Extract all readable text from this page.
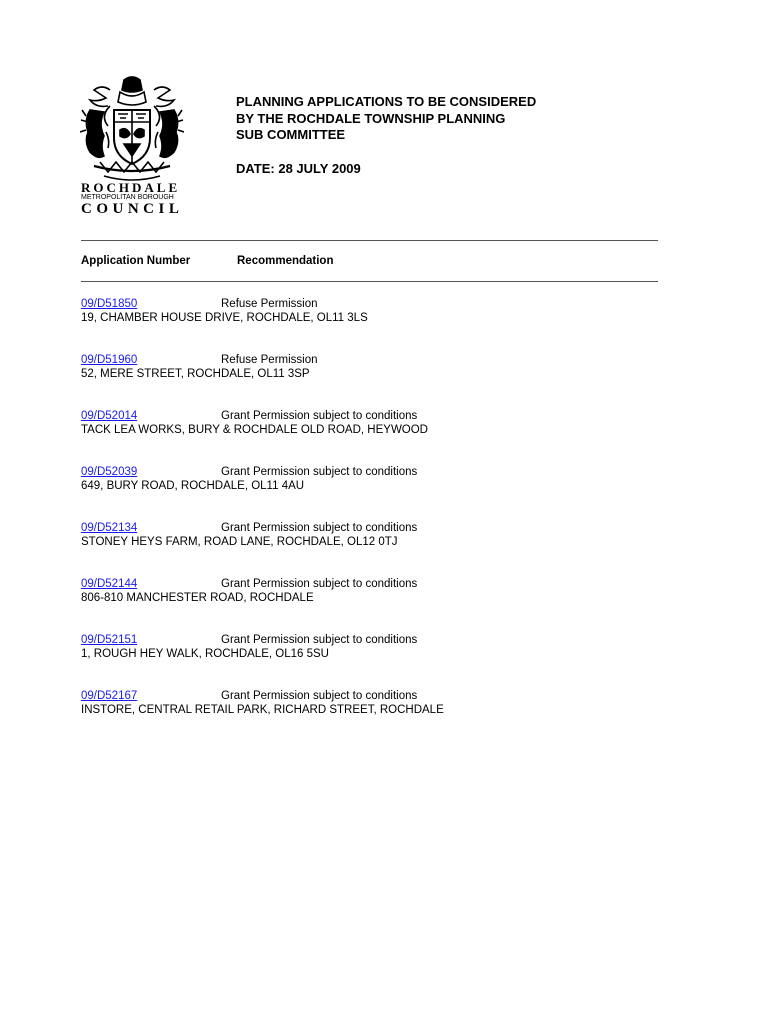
ROCHDALE
METROPOLITAN BOROUGH
COUNCIL
PLANNING APPLICATIONS TO BE CONSIDERED
BY THE ROCHDALE TOWNSHIP PLANNING
SUB COMMITTEE
DATE: 28 JULY 2009
Application Number	Recommendation
09/D51850	Refuse Permission
19, CHAMBER HOUSE DRIVE, ROCHDALE, OL11 3LS
09/D51960	Refuse Permission
52, MERE STREET, ROCHDALE, OL11 3SP
09/D52014	Grant Permission subject to conditions
TACK LEA WORKS, BURY & ROCHDALE OLD ROAD, HEYWOOD
09/D52039	Grant Permission subject to conditions
649, BURY ROAD, ROCHDALE, OL11 4AU
09/D52134	Grant Permission subject to conditions
STONEY HEYS FARM, ROAD LANE, ROCHDALE, OL12 0TJ
09/D52144	Grant Permission subject to conditions
806-810 MANCHESTER ROAD, ROCHDALE
09/D52151	Grant Permission subject to conditions
1, ROUGH HEY WALK, ROCHDALE, OL16 5SU
09/D52167	Grant Permission subject to conditions
INSTORE, CENTRAL RETAIL PARK, RICHARD STREET, ROCHDALE
